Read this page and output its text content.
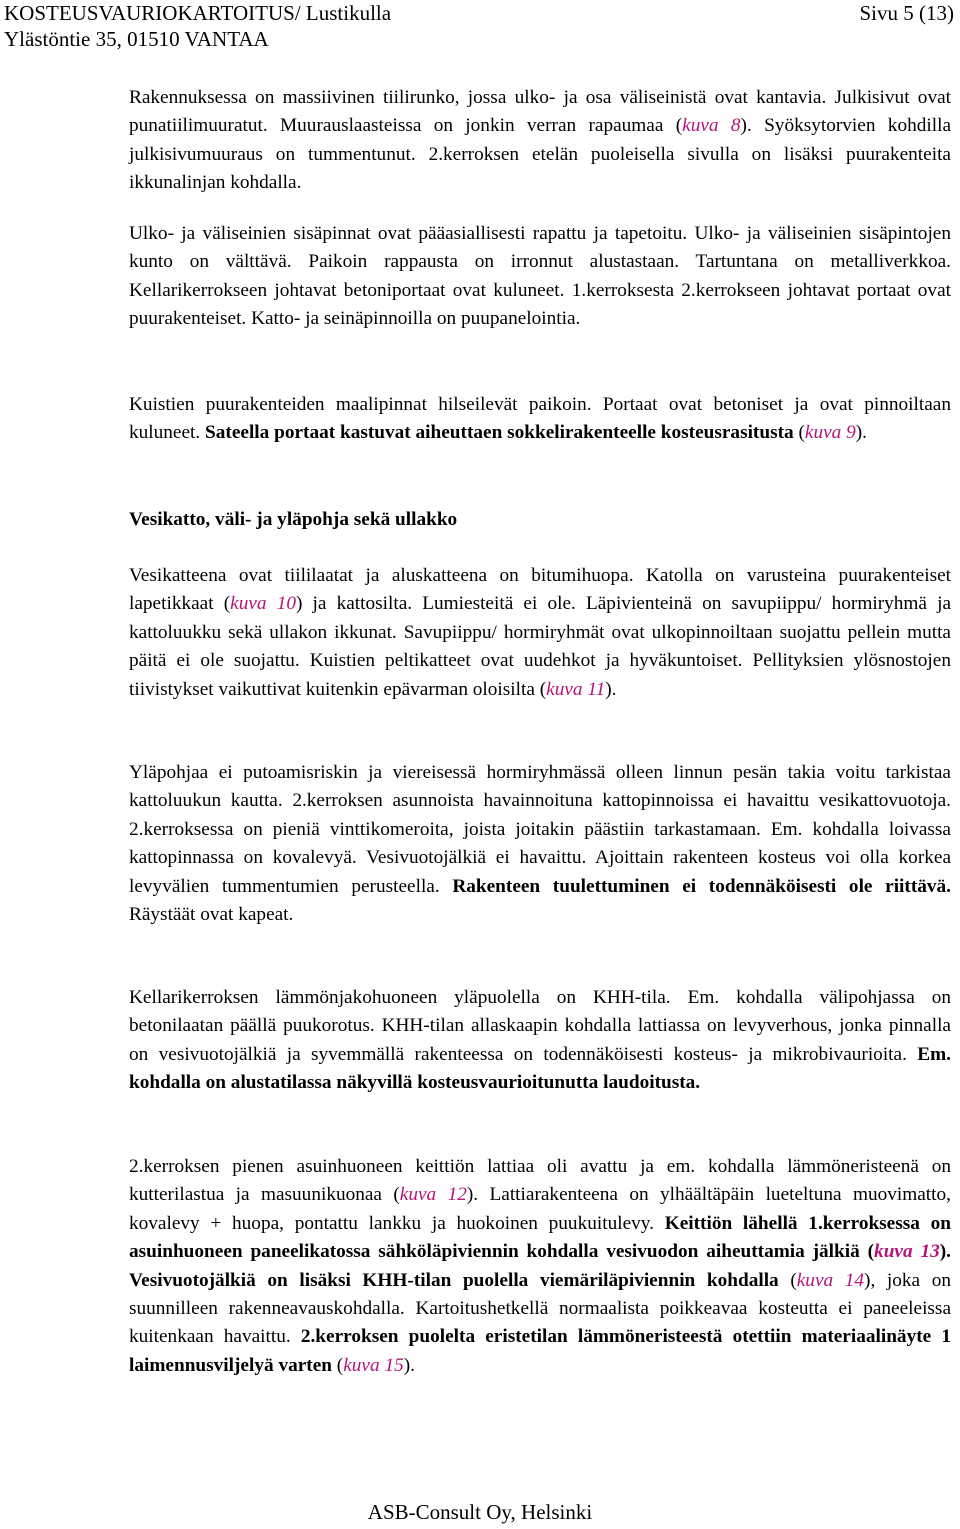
KOSTEUSVAURIOKARTOITUS/ Lustikulla
Ylästöntie 35, 01510 VANTAA
Sivu 5 (13)

Rakennuksessa on massiivinen tiilirunko, jossa ulko- ja osa väliseinistä ovat kantavia. Julkisivut ovat punatiilimuuratut. Muurauslaasteissa on jonkin verran rapaumaa (kuva 8). Syöksytorvien kohdilla julkisivumuuraus on tummentunut. 2.kerroksen etelän puoleisella sivulla on lisäksi puurakenteita ikkunalinjan kohdalla.

Ulko- ja väliseinien sisäpinnat ovat pääasiallisesti rapattu ja tapetoitu. Ulko- ja väliseinien sisäpintojen kunto on välttävä. Paikoin rappausta on irronnut alustastaan. Tartuntana on metalliverkkoa. Kellarikerrokseen johtavat betoniportaat ovat kuluneet. 1.kerroksesta 2.kerrokseen johtavat portaat ovat puurakenteiset. Katto- ja seinäpinnoilla on puupanelointia.

Kuistien puurakenteiden maalipinnat hilseilevät paikoin. Portaat ovat betoniset ja ovat pinnoiltaan kuluneet. Sateella portaat kastuvat aiheuttaen sokkelirakenteelle kosteusrasitusta (kuva 9).

Vesikatto, väli- ja yläpohja sekä ullakko

Vesikatteena ovat tiililaatat ja aluskatteena on bitumihuopa. Katolla on varusteina puurakenteiset lapetikkaat (kuva 10) ja kattosilta. Lumiesteitä ei ole. Läpivienteinä on savupiippu/ hormiryhmä ja kattoluukku sekä ullakon ikkunat. Savupiippu/ hormiryhmät ovat ulkopinnoiltaan suojattu pellein mutta päitä ei ole suojattu. Kuistien peltikatteet ovat uudehkot ja hyväkuntoiset. Pellityksien ylösnostojen tiivistykset vaikuttivat kuitenkin epävarman oloisilta (kuva 11).

Yläpohjaa ei putoamisriskin ja viereisessä hormiryhmässä olleen linnun pesän takia voitu tarkistaa kattoluukun kautta. 2.kerroksen asunnoista havainnoituna kattopinnoissa ei havaittu vesikattovuotoja. 2.kerroksessa on pieniä vinttikomeroita, joista joitakin päästiin tarkastamaan. Em. kohdalla loivassa kattopinnassa on kovalevyä. Vesivuotojälkiä ei havaittu. Ajoittain rakenteen kosteus voi olla korkea levyvälien tummentumien perusteella. Rakenteen tuulettuminen ei todennäköisesti ole riittävä. Räystäät ovat kapeat.

Kellarikerroksen lämmönjakohuoneen yläpuolella on KHH-tila. Em. kohdalla välipohjassa on betonilaatan päällä puukorotus. KHH-tilan allaskaapin kohdalla lattiassa on levyverhous, jonka pinnalla on vesivuotojälkiä ja syvemmällä rakenteessa on todennäköisesti kosteus- ja mikrobivaurioita. Em. kohdalla on alustatilassa näkyvillä kosteusvaurioitunutta laudoitusta.

2.kerroksen pienen asuinhuoneen keittiön lattiaa oli avattu ja em. kohdalla lämmöneristeenä on kutterilastua ja masuunikuonaa (kuva 12). Lattiarakenteena on ylhäältäpäin lueteltuna muovimatto, kovalevy + huopa, pontattu lankku ja huokoinen puukuitulevy. Keittiön lähellä 1.kerroksessa on asuinhuoneen paneelikatossa sähköläpiviennin kohdalla vesivuodon aiheuttamia jälkiä (kuva 13). Vesivuotojälkiä on lisäksi KHH-tilan puolella viemäriläpiviennin kohdalla (kuva 14), joka on suunnilleen rakenneavauskohdalla. Kartoitushetkellä normaalista poikkeavaa kosteutta ei paneeleissa kuitenkaan havaittu. 2.kerroksen puolelta eristetilan lämmöneristeestä otettiin materiaalinäyte 1 laimennusviljelyä varten (kuva 15).

ASB-Consult Oy, Helsinki
